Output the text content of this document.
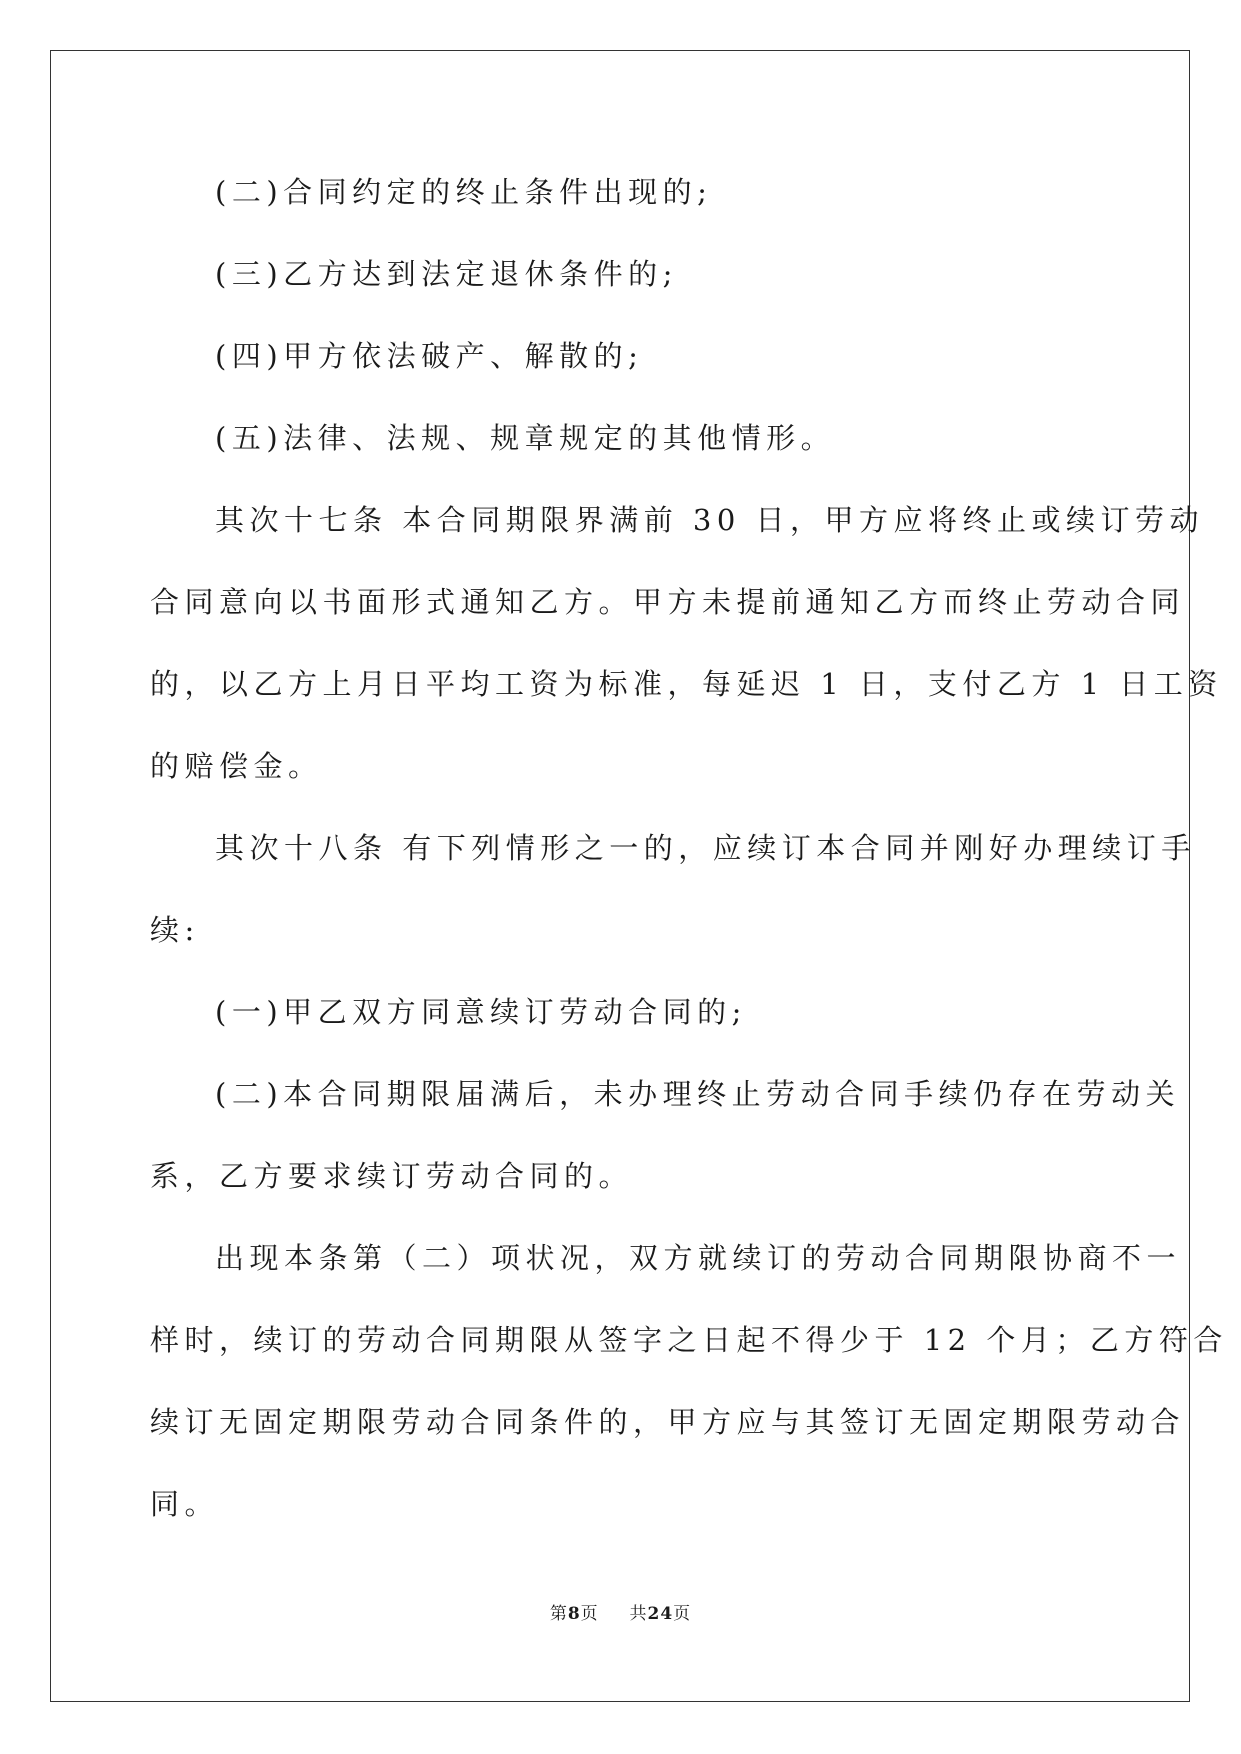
(二)合同约定的终止条件出现的;
(三)乙方达到法定退休条件的;
(四)甲方依法破产、解散的;
(五)法律、法规、规章规定的其他情形。
其次十七条 本合同期限界满前 30 日，甲方应将终止或续订劳动
合同意向以书面形式通知乙方。甲方未提前通知乙方而终止劳动合同
的，以乙方上月日平均工资为标准，每延迟 1 日，支付乙方 1 日工资
的赔偿金。
其次十八条 有下列情形之一的，应续订本合同并刚好办理续订手
续:
(一)甲乙双方同意续订劳动合同的;
(二)本合同期限届满后，未办理终止劳动合同手续仍存在劳动关
系，乙方要求续订劳动合同的。
出现本条第（二）项状况，双方就续订的劳动合同期限协商不一
样时，续订的劳动合同期限从签字之日起不得少于 12 个月；乙方符合
续订无固定期限劳动合同条件的，甲方应与其签订无固定期限劳动合
同。
第8页 共24页
